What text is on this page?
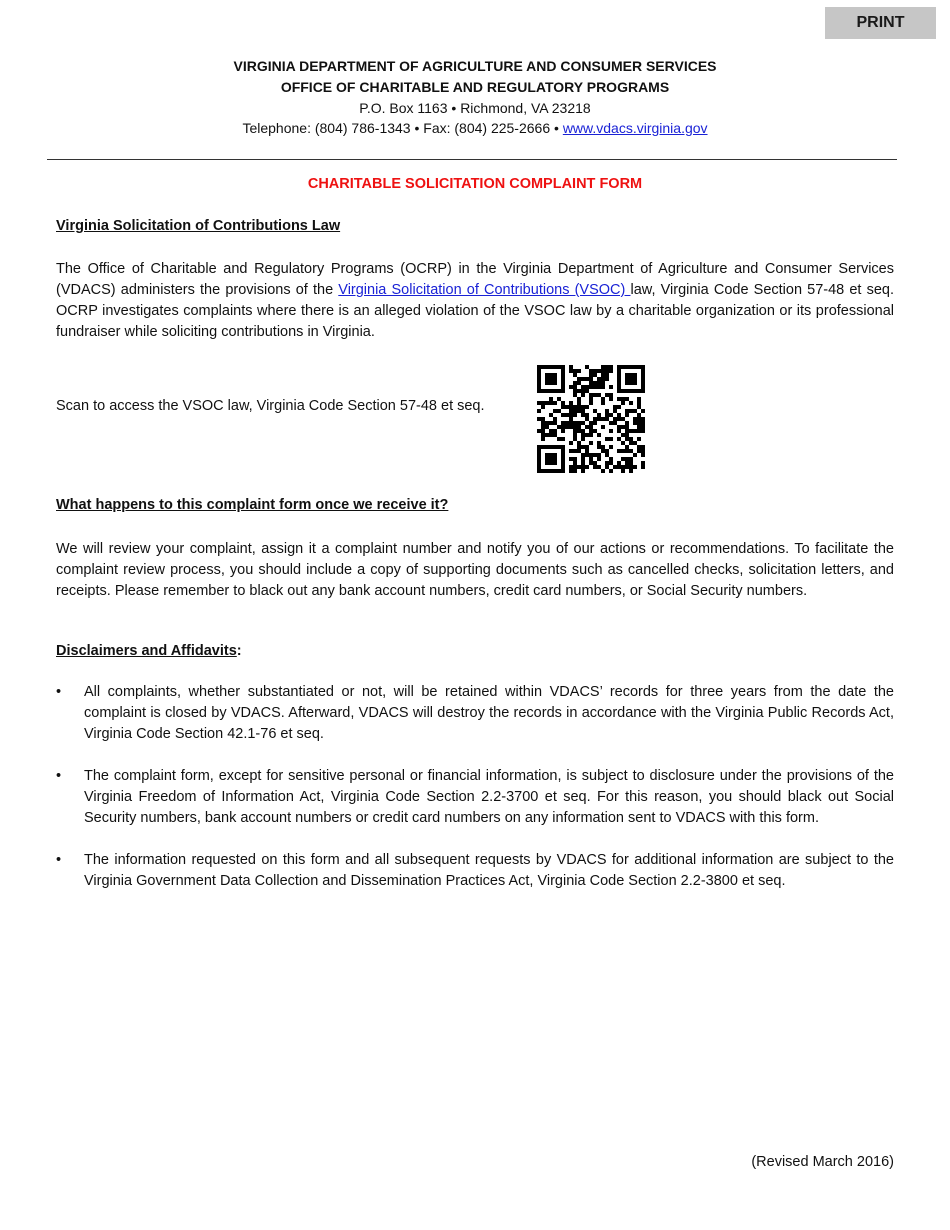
PRINT
VIRGINIA DEPARTMENT OF AGRICULTURE AND CONSUMER SERVICES
OFFICE OF CHARITABLE AND REGULATORY PROGRAMS
P.O. Box 1163 • Richmond, VA 23218
Telephone: (804) 786-1343 • Fax: (804) 225-2666 • www.vdacs.virginia.gov
CHARITABLE SOLICITATION COMPLAINT FORM
Virginia Solicitation of Contributions Law
The Office of Charitable and Regulatory Programs (OCRP) in the Virginia Department of Agriculture and Consumer Services (VDACS) administers the provisions of the Virginia Solicitation of Contributions (VSOC) law, Virginia Code Section 57-48 et seq. OCRP investigates complaints where there is an alleged violation of the VSOC law by a charitable organization or its professional fundraiser while soliciting contributions in Virginia.
Scan to access the VSOC law, Virginia Code Section 57-48 et seq.
What happens to this complaint form once we receive it?
We will review your complaint, assign it a complaint number and notify you of our actions or recommendations. To facilitate the complaint review process, you should include a copy of supporting documents such as cancelled checks, solicitation letters, and receipts. Please remember to black out any bank account numbers, credit card numbers, or Social Security numbers.
Disclaimers and Affidavits:
• All complaints, whether substantiated or not, will be retained within VDACS’ records for three years from the date the complaint is closed by VDACS. Afterward, VDACS will destroy the records in accordance with the Virginia Public Records Act, Virginia Code Section 42.1-76 et seq.
• The complaint form, except for sensitive personal or financial information, is subject to disclosure under the provisions of the Virginia Freedom of Information Act, Virginia Code Section 2.2-3700 et seq. For this reason, you should black out Social Security numbers, bank account numbers or credit card numbers on any information sent to VDACS with this form.
• The information requested on this form and all subsequent requests by VDACS for additional information are subject to the Virginia Government Data Collection and Dissemination Practices Act, Virginia Code Section 2.2-3800 et seq.
(Revised March 2016)
